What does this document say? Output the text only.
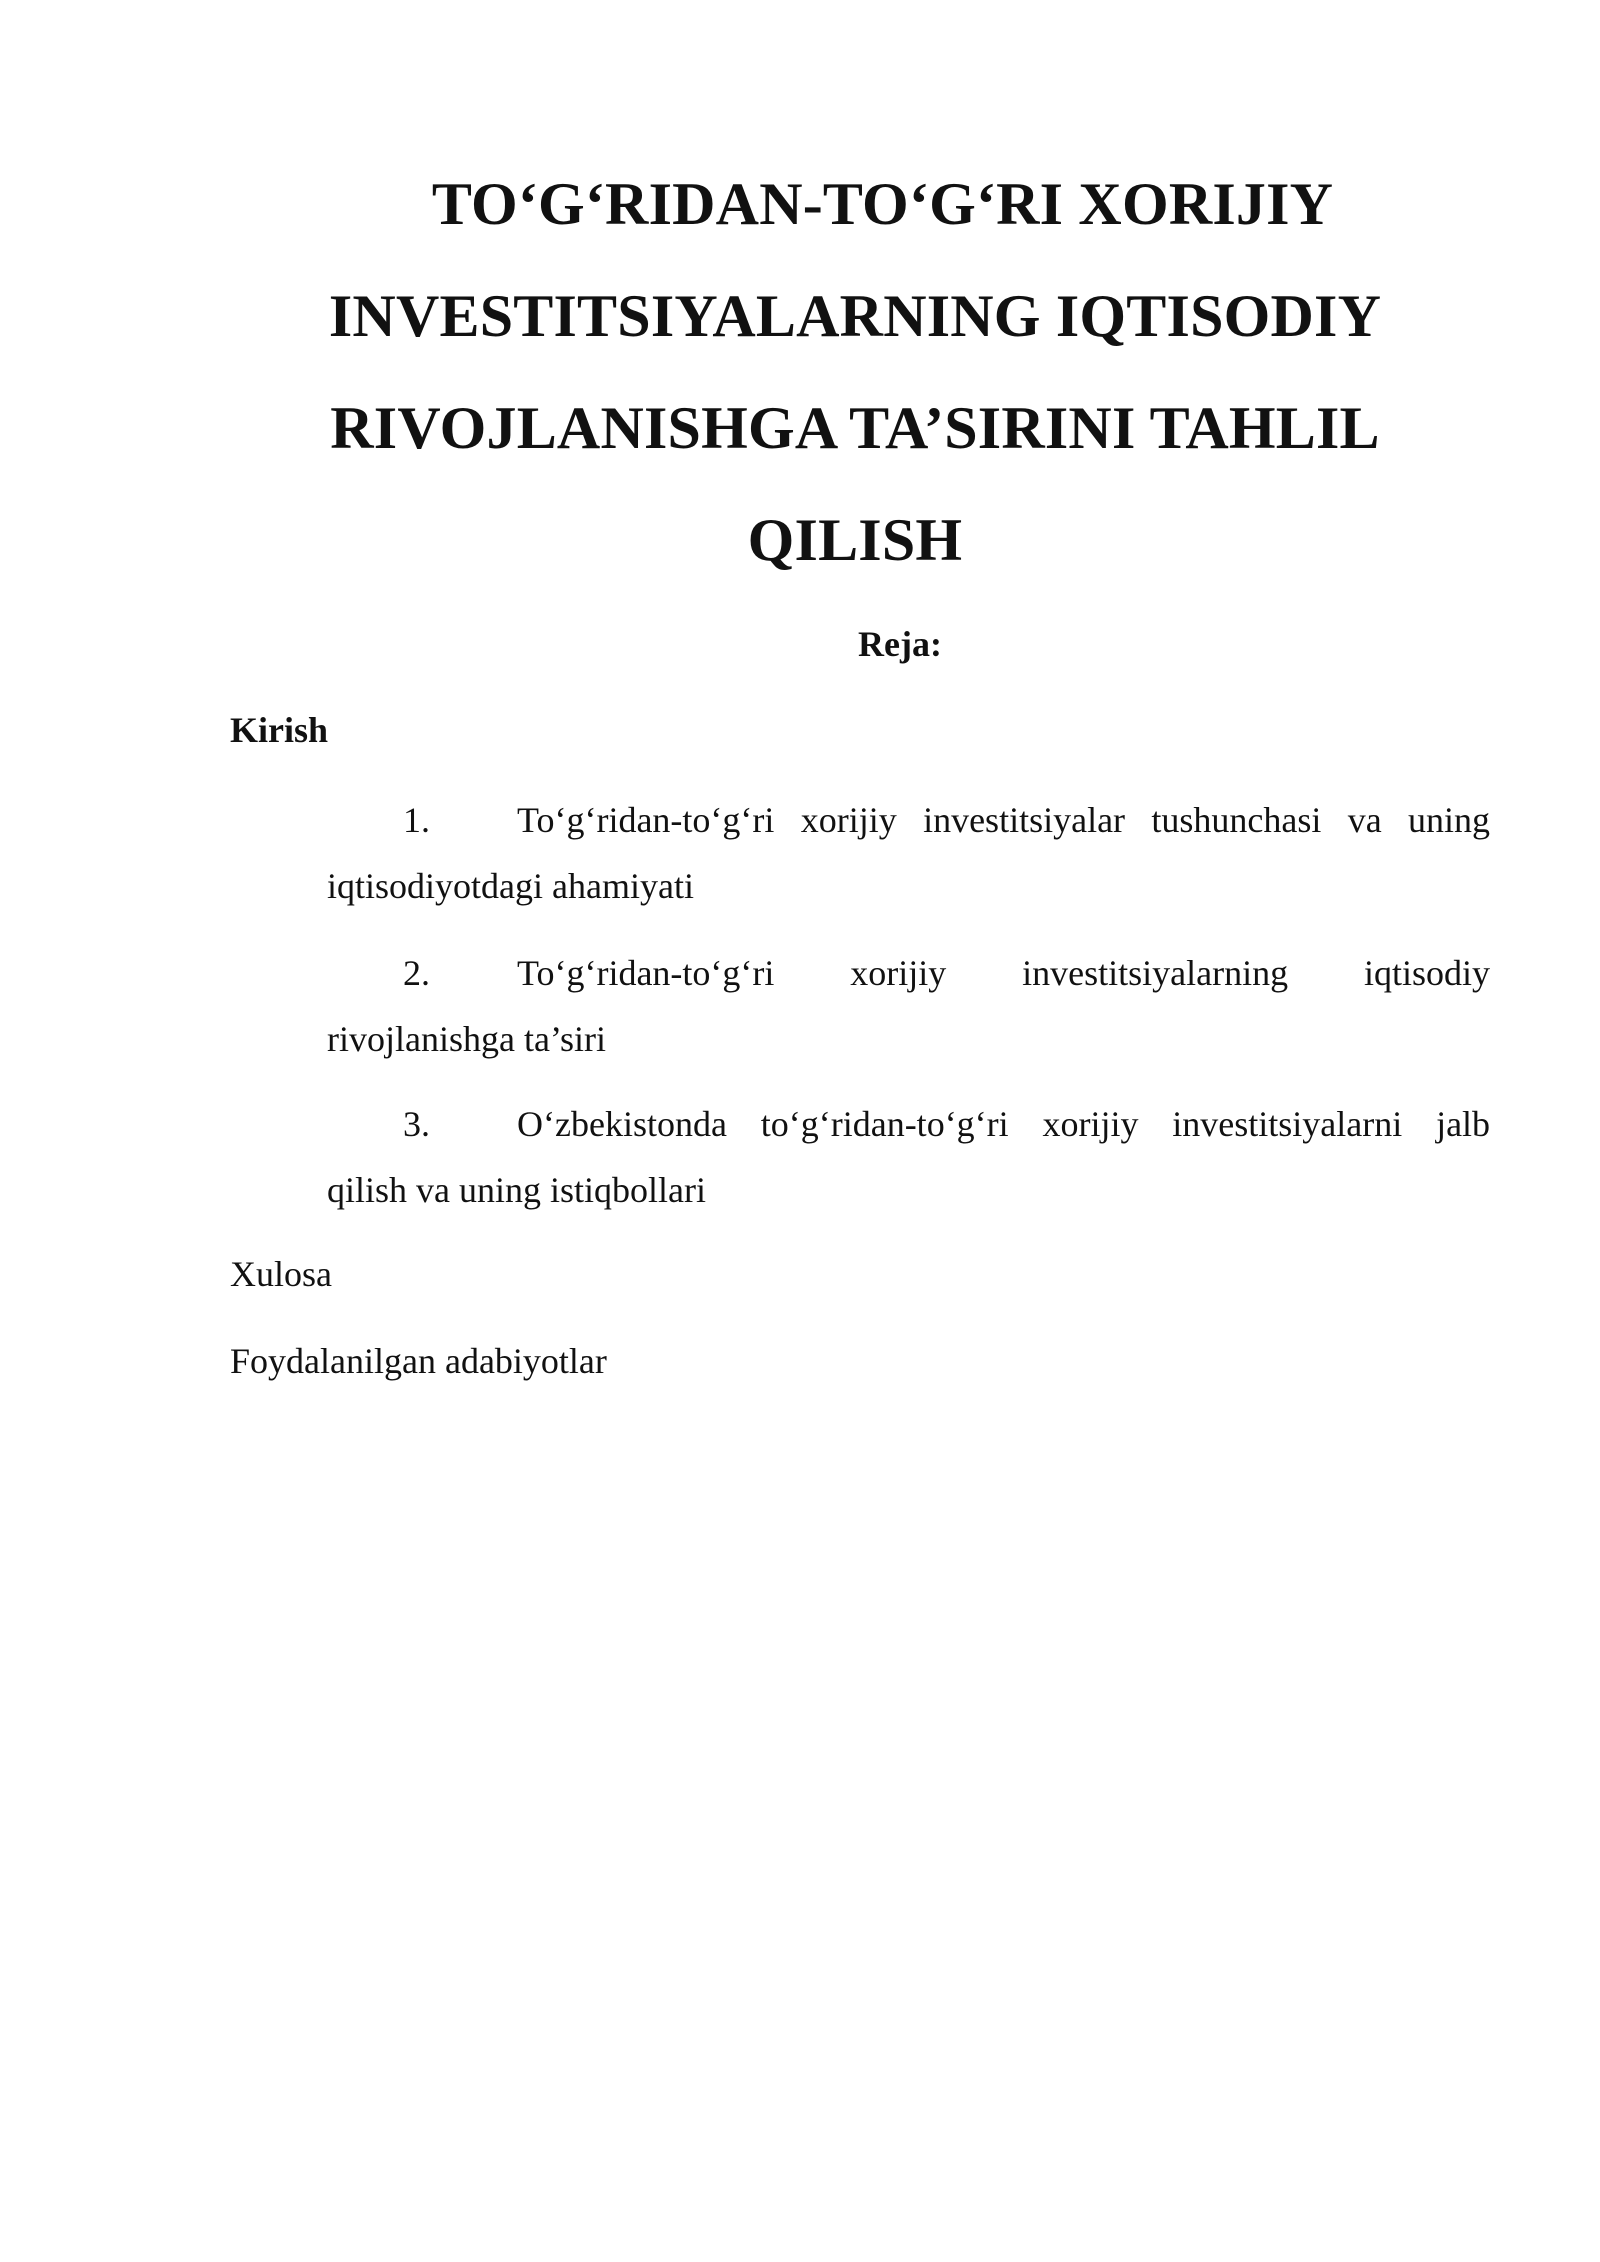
TO‘G‘RIDAN-TO‘G‘RI XORIJIY
INVESTITSIYALARNING IQTISODIY
RIVOJLANISHGA TA’SIRINI TAHLIL
QILISH
Reja:
Kirish
1. To‘g‘ridan-to‘g‘ri xorijiy investitsiyalar tushunchasi va uning
iqtisodiyotdagi ahamiyati
2. To‘g‘ridan-to‘g‘ri xorijiy investitsiyalarning iqtisodiy
rivojlanishga ta’siri
3. O‘zbekistonda to‘g‘ridan-to‘g‘ri xorijiy investitsiyalarni jalb
qilish va uning istiqbollari
Xulosa
Foydalanilgan adabiyotlar
